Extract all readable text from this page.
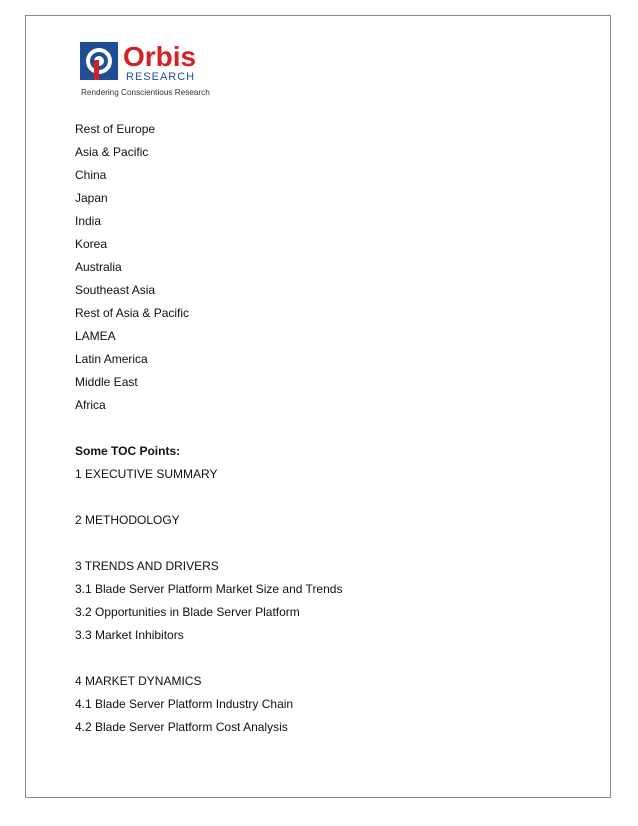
Orbis
RESEARCH
Rendering Conscientious Research
Rest of Europe
Asia & Pacific
China
Japan
India
Korea
Australia
Southeast Asia
Rest of Asia & Pacific
LAMEA
Latin America
Middle East
Africa
Some TOC Points:
1 EXECUTIVE SUMMARY
2 METHODOLOGY
3 TRENDS AND DRIVERS
3.1 Blade Server Platform Market Size and Trends
3.2 Opportunities in Blade Server Platform
3.3 Market Inhibitors
4 MARKET DYNAMICS
4.1 Blade Server Platform Industry Chain
4.2 Blade Server Platform Cost Analysis
